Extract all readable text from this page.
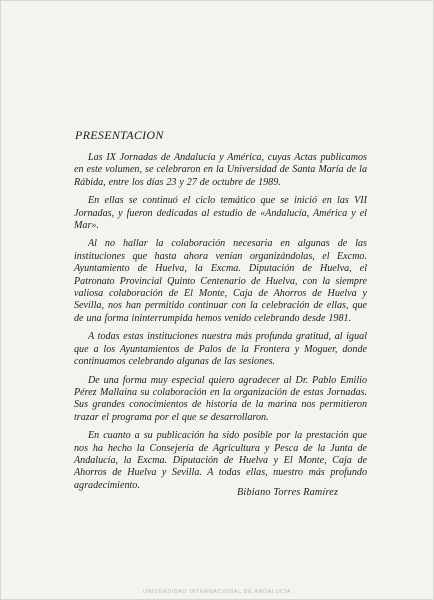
PRESENTACION

Las IX Jornadas de Andalucía y América, cuyas Actas publicamos en este volumen, se celebraron en la Universidad de Santa María de la Rábida, entre los días 23 y 27 de octubre de 1989.

En ellas se continuó el ciclo temático que se inició en las VII Jornadas, y fueron dedicadas al estudio de «Andalucía, América y el Mar».

Al no hallar la colaboración necesaria en algunas de las instituciones que hasta ahora venían organizándolas, el Excmo. Ayuntamiento de Huelva, la Excma. Diputación de Huelva, el Patronato Provincial Quinto Centenario de Huelva, con la siempre valiosa colaboración de El Monte, Caja de Ahorros de Huelva y Sevilla, nos han permitido continuar con la celebración de ellas, que de una forma ininterrumpida hemos venido celebrando desde 1981.

A todas estas instituciones nuestra más profunda gratitud, al igual que a los Ayuntamientos de Palos de la Frontera y Moguer, donde continuamos celebrando algunas de las sesiones.

De una forma muy especial quiero agradecer al Dr. Pablo Emilio Pérez Mallaina su colaboración en la organización de estas Jornadas. Sus grandes conocimientos de historia de la marina nos permitieron trazar el programa por el que se desarrollaron.

En cuanto a su publicación ha sido posible por la prestación que nos ha hecho la Consejería de Agricultura y Pesca de la Junta de Andalucía, la Excma. Diputación de Huelva y El Monte, Caja de Ahorros de Huelva y Sevilla. A todas ellas, nuestro más profundo agradecimiento.

Bibiano Torres Ramírez
UNIVERSIDAD INTERNACIONAL DE ANDALUCIA
